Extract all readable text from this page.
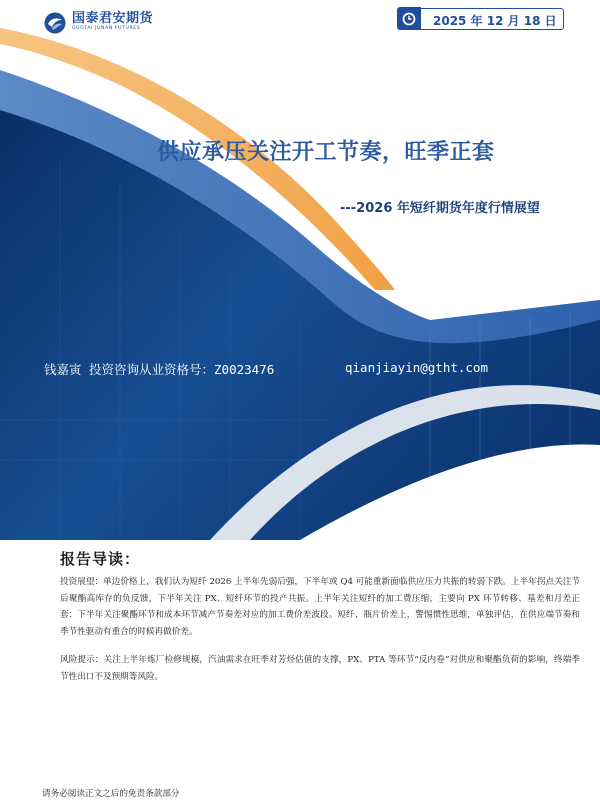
国泰君安期货
GUOTAI JUNAN FUTURES
2025 年 12 月 18 日
供应承压关注开工节奏，旺季正套
---2026 年短纤期货年度行情展望
钱嘉寅 投资咨询从业资格号：Z0023476	qianjiayin@gtht.com
报告导读：
投资展望：单边价格上，我们认为短纤 2026 上半年先弱后强，下半年或 Q4 可能重新面临供应压力共振的转弱下跌。上半年拐点关注节后聚酯高库存的负反馈，下半年关注 PX、短纤环节的投产共振。上半年关注短纤的加工费压缩，主要向 PX 环节转移、基差和月差正套：下半年关注聚酯环节和成本环节减产节奏差对应的加工费价差波段。短纤、瓶片价差上，警惕惯性思维，单独评估，在供应端节奏和季节性驱动有重合的时候再做价差。
风险提示：关注上半年炼厂检修规模，汽油需求在旺季对芳烃估值的支撑，PX、PTA 等环节“反内卷”对供应和聚酯负荷的影响，终端季节性出口不及预期等风险。
请务必阅读正文之后的免责条款部分
